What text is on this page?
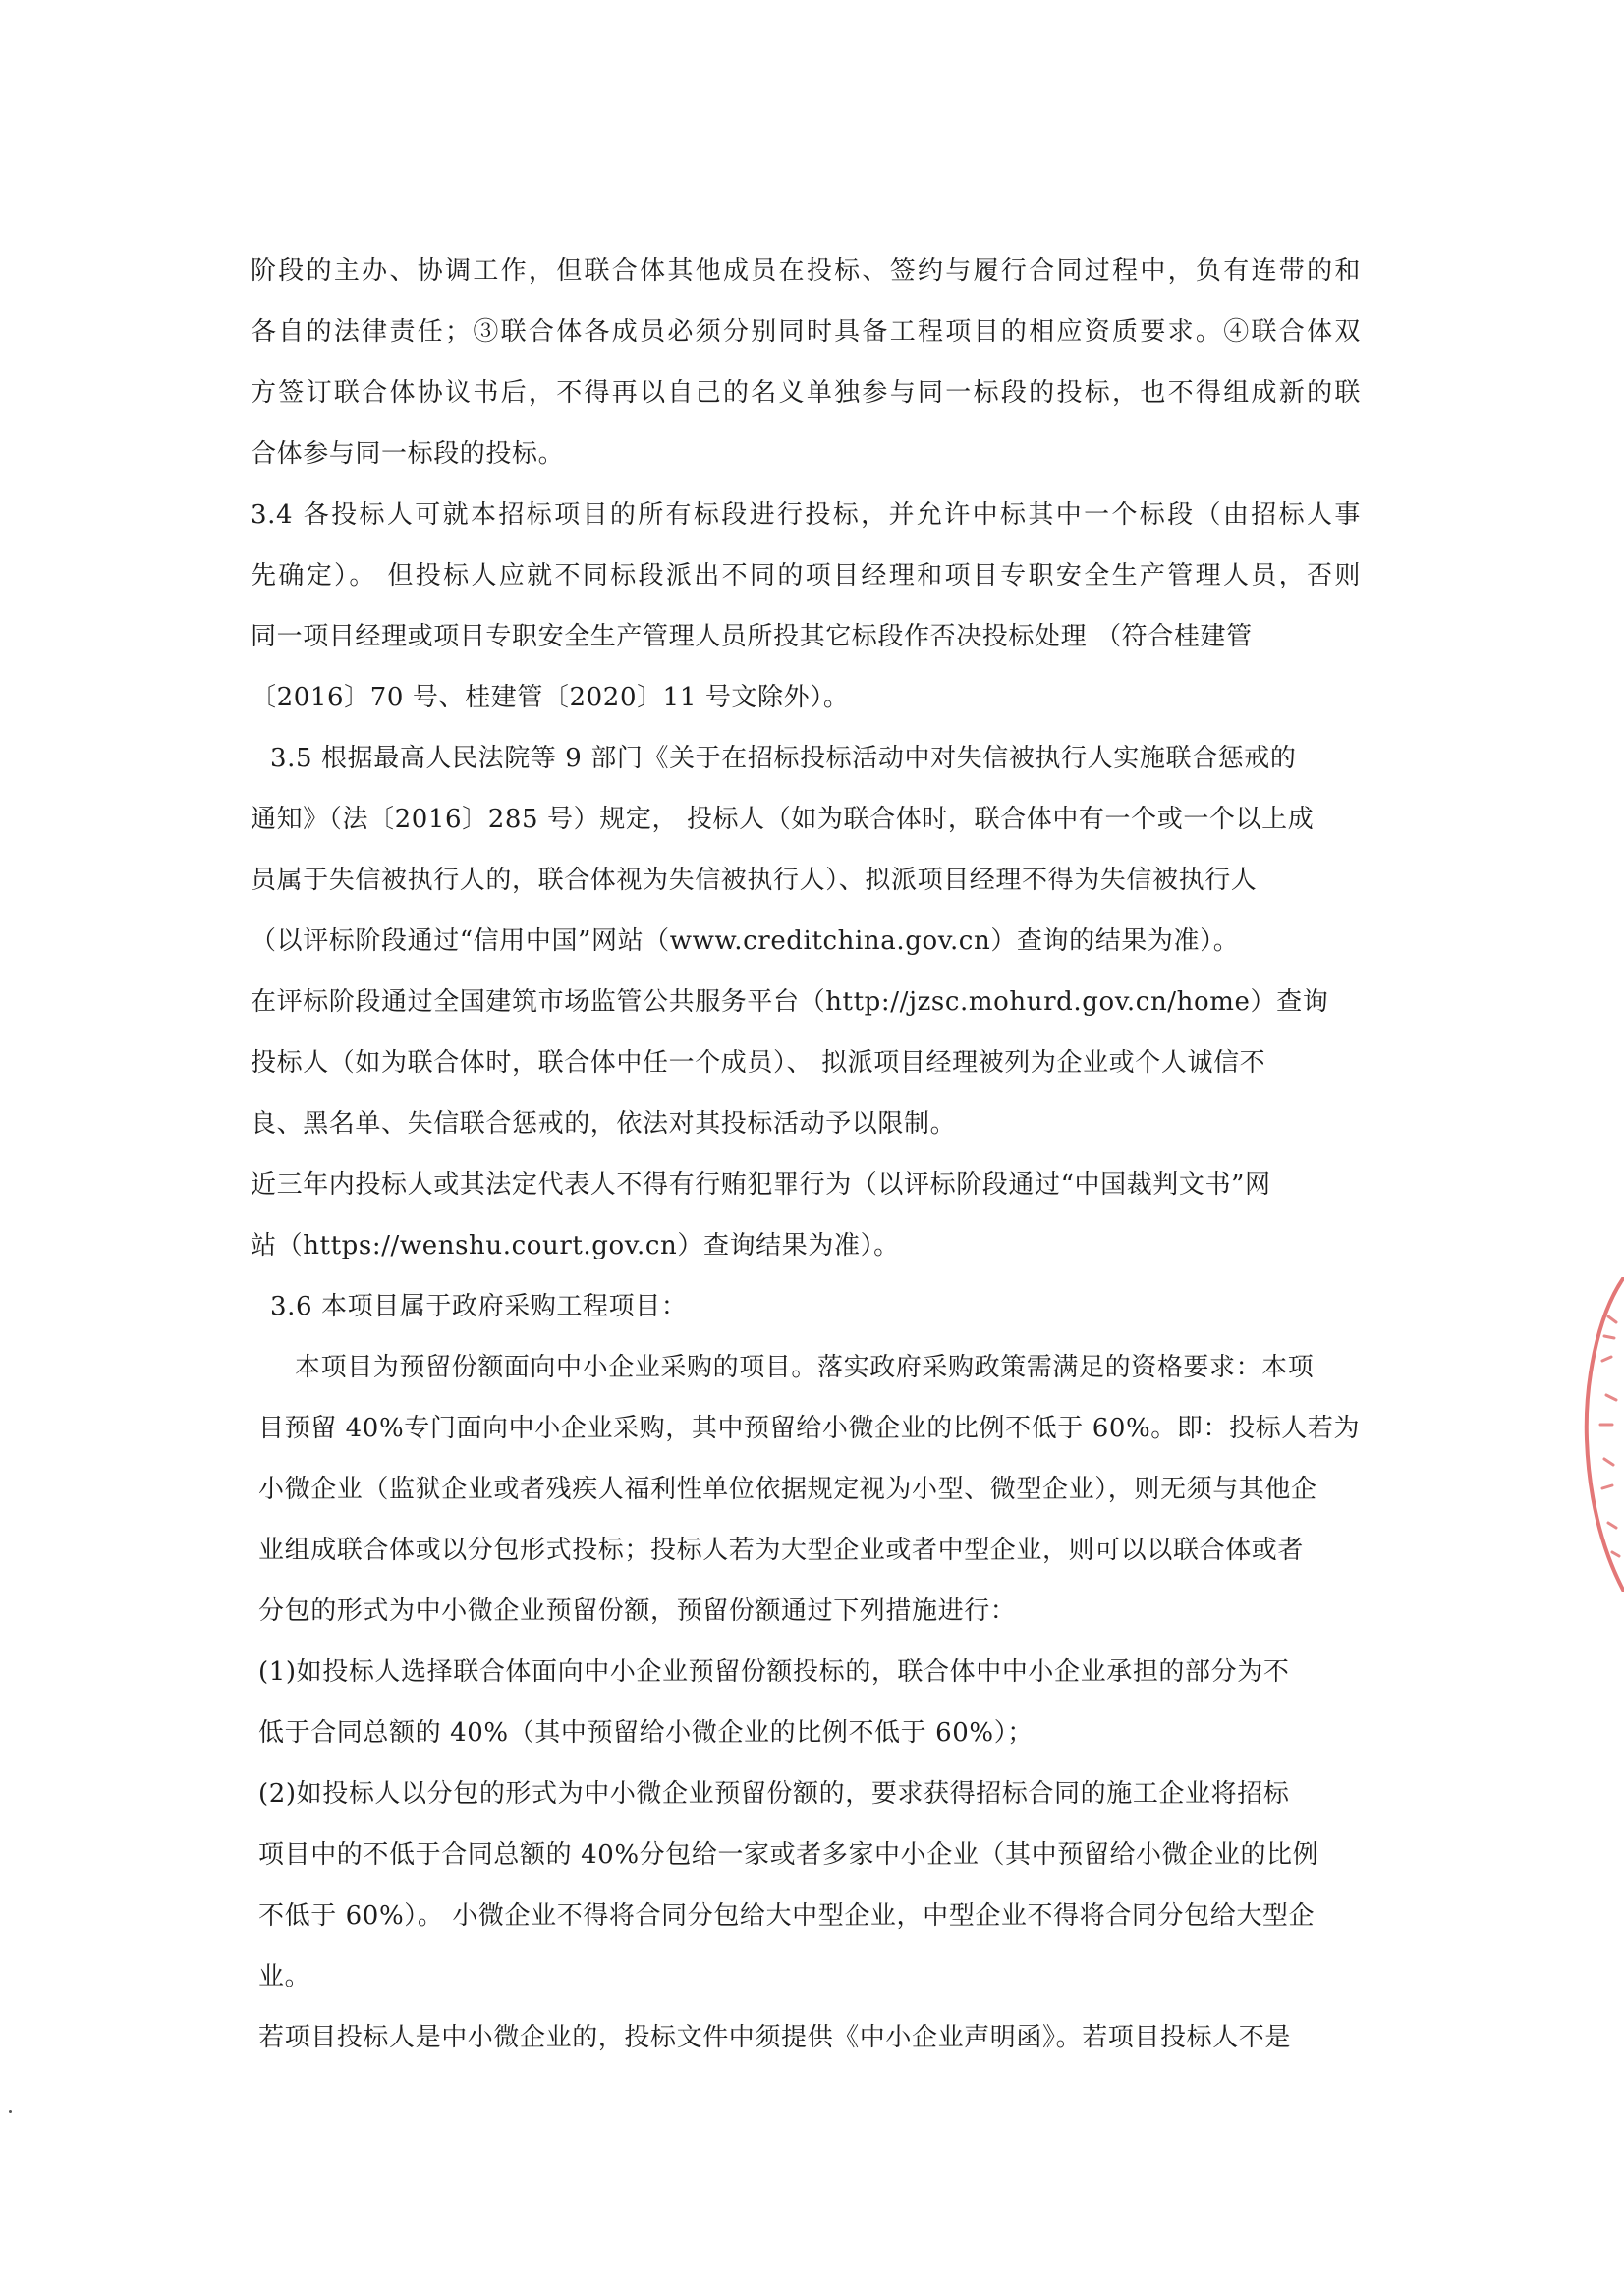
阶段的主办、协调工作，但联合体其他成员在投标、签约与履行合同过程中，负有连带的和
各自的法律责任；③联合体各成员必须分别同时具备工程项目的相应资质要求。④联合体双
方签订联合体协议书后，不得再以自己的名义单独参与同一标段的投标，也不得组成新的联
合体参与同一标段的投标。
3.4 各投标人可就本招标项目的所有标段进行投标，并允许中标其中一个标段（由招标人事
先确定）。 但投标人应就不同标段派出不同的项目经理和项目专职安全生产管理人员，否则
同一项目经理或项目专职安全生产管理人员所投其它标段作否决投标处理 （符合桂建管
〔2016〕70 号、桂建管〔2020〕11 号文除外）。
3.5 根据最高人民法院等 9 部门《关于在招标投标活动中对失信被执行人实施联合惩戒的
通知》（法〔2016〕285 号）规定， 投标人（如为联合体时，联合体中有一个或一个以上成
员属于失信被执行人的，联合体视为失信被执行人）、拟派项目经理不得为失信被执行人
（以评标阶段通过“信用中国”网站（www.creditchina.gov.cn）查询的结果为准）。
在评标阶段通过全国建筑市场监管公共服务平台（http://jzsc.mohurd.gov.cn/home）查询
投标人（如为联合体时，联合体中任一个成员）、 拟派项目经理被列为企业或个人诚信不
良、黑名单、失信联合惩戒的，依法对其投标活动予以限制。
近三年内投标人或其法定代表人不得有行贿犯罪行为（以评标阶段通过“中国裁判文书”网
站（https://wenshu.court.gov.cn）查询结果为准）。
3.6 本项目属于政府采购工程项目：
本项目为预留份额面向中小企业采购的项目。落实政府采购政策需满足的资格要求：本项
目预留 40%专门面向中小企业采购，其中预留给小微企业的比例不低于 60%。即：投标人若为
小微企业（监狱企业或者残疾人福利性单位依据规定视为小型、微型企业），则无须与其他企
业组成联合体或以分包形式投标；投标人若为大型企业或者中型企业，则可以以联合体或者
分包的形式为中小微企业预留份额，预留份额通过下列措施进行：
(1)如投标人选择联合体面向中小企业预留份额投标的，联合体中中小企业承担的部分为不
低于合同总额的 40%（其中预留给小微企业的比例不低于 60%）；
(2)如投标人以分包的形式为中小微企业预留份额的，要求获得招标合同的施工企业将招标
项目中的不低于合同总额的 40%分包给一家或者多家中小企业（其中预留给小微企业的比例
不低于 60%）。 小微企业不得将合同分包给大中型企业，中型企业不得将合同分包给大型企
业。
若项目投标人是中小微企业的，投标文件中须提供《中小企业声明函》。若项目投标人不是
